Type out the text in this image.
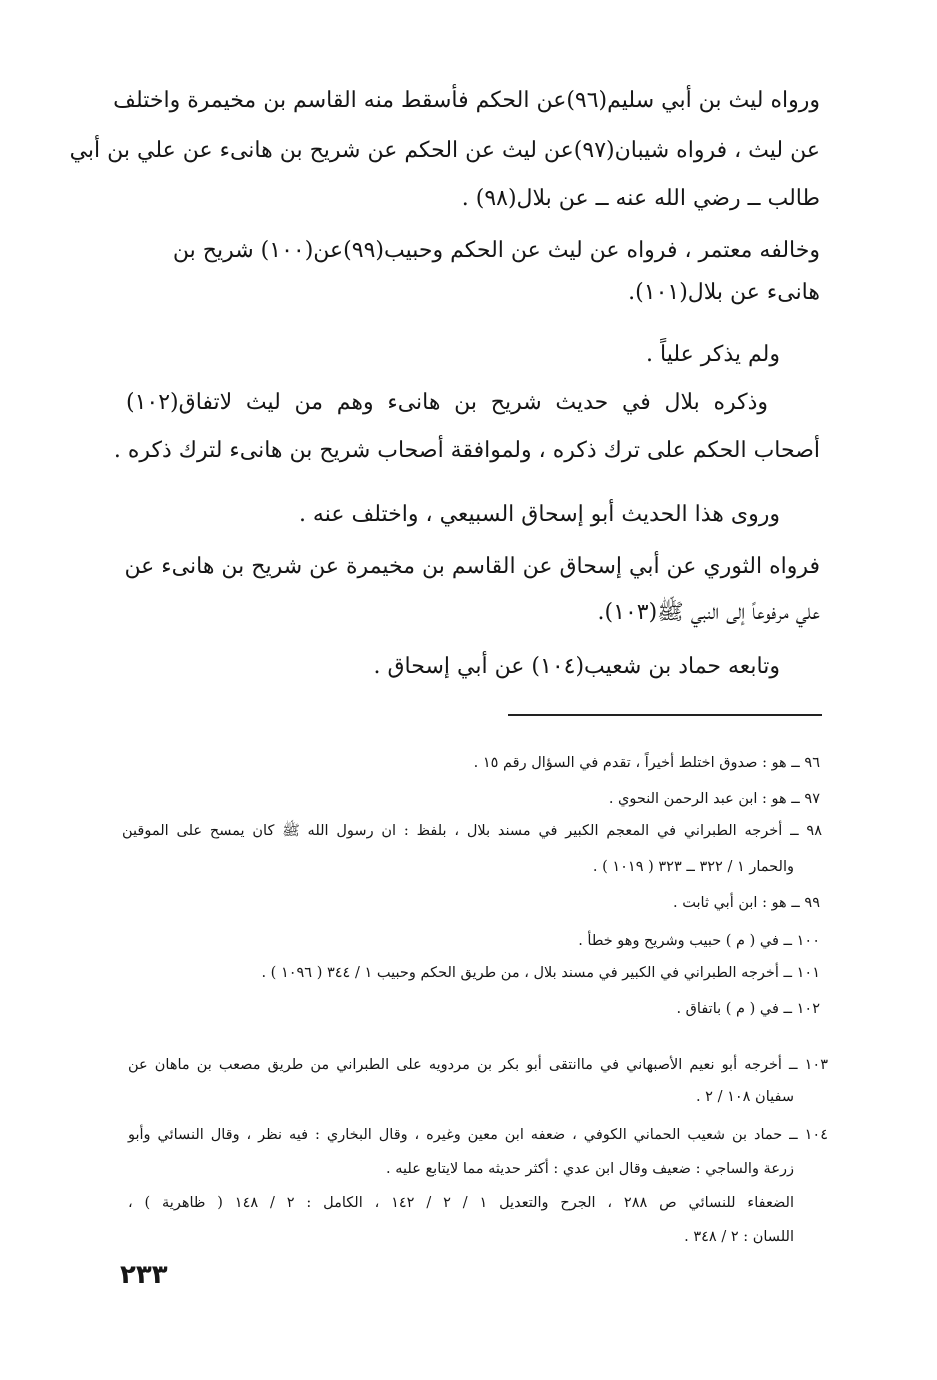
ورواه ليث بن أبي سليم(٩٦)عن الحكم فأسقط منه القاسم بن مخيمرة واختلف
عن ليث ، فرواه شيبان(٩٧)عن ليث عن الحكم عن شريح بن هانىء عن علي بن أبي
طالب ــ رضي الله عنه ــ عن بلال(٩٨) .
وخالفه معتمر ، فرواه عن ليث عن الحكم وحبيب(٩٩)عن(١٠٠) شريح بن
هانىء عن بلال(١٠١).
ولم يذكر علياً .
وذكره بلال في حديث شريح بن هانىء وهم من ليث لاتفاق(١٠٢)
أصحاب الحكم على ترك ذكره ، ولموافقة أصحاب شريح بن هانىء لترك ذكره .
وروى هذا الحديث أبو إسحاق السبيعي ، واختلف عنه .
فرواه الثوري عن أبي إسحاق عن القاسم بن مخيمرة عن شريح بن هانىء عن
علي مرفوعاً إلى النبي ﷺ(١٠٣).
وتابعه حماد بن شعيب(١٠٤) عن أبي إسحاق .
٩٦ ــ هو : صدوق اختلط أخيراً ، تقدم في السؤال رقم ١٥ .
٩٧ ــ هو : ابن عبد الرحمن النحوي .
٩٨ ــ أخرجه الطبراني في المعجم الكبير في مسند بلال ، بلفظ : ان رسول الله ﷺ كان يمسح على الموقين
والحمار ١ / ٣٢٢ ــ ٣٢٣ ( ١٠١٩ ) .
٩٩ ــ هو : ابن أبي ثابت .
١٠٠ ــ في ( م ) حبيب وشريح وهو خطأ .
١٠١ ــ أخرجه الطبراني في الكبير في مسند بلال ، من طريق الحكم وحبيب ١ / ٣٤٤ ( ١٠٩٦ ) .
١٠٢ ــ في ( م ) باتفاق .
١٠٣ ــ أخرجه أبو نعيم الأصبهاني في ماانتقى أبو بكر بن مردويه على الطبراني من طريق مصعب بن ماهان عن
سفيان ١٠٨ / ٢ .
١٠٤ ــ حماد بن شعيب الحماني الكوفي ، ضعفه ابن معين وغيره ، وقال البخاري : فيه نظر ، وقال النسائي وأبو
زرعة والساجي : ضعيف وقال ابن عدي : أكثر حديثه مما لايتابع عليه .
الضعفاء للنسائي ص ٢٨٨ ، الجرح والتعديل ١ / ٢ / ١٤٢ ، الكامل : ٢ / ١٤٨ ( ظاهرية ) ،
اللسان : ٢ / ٣٤٨ .
٢٣٣
